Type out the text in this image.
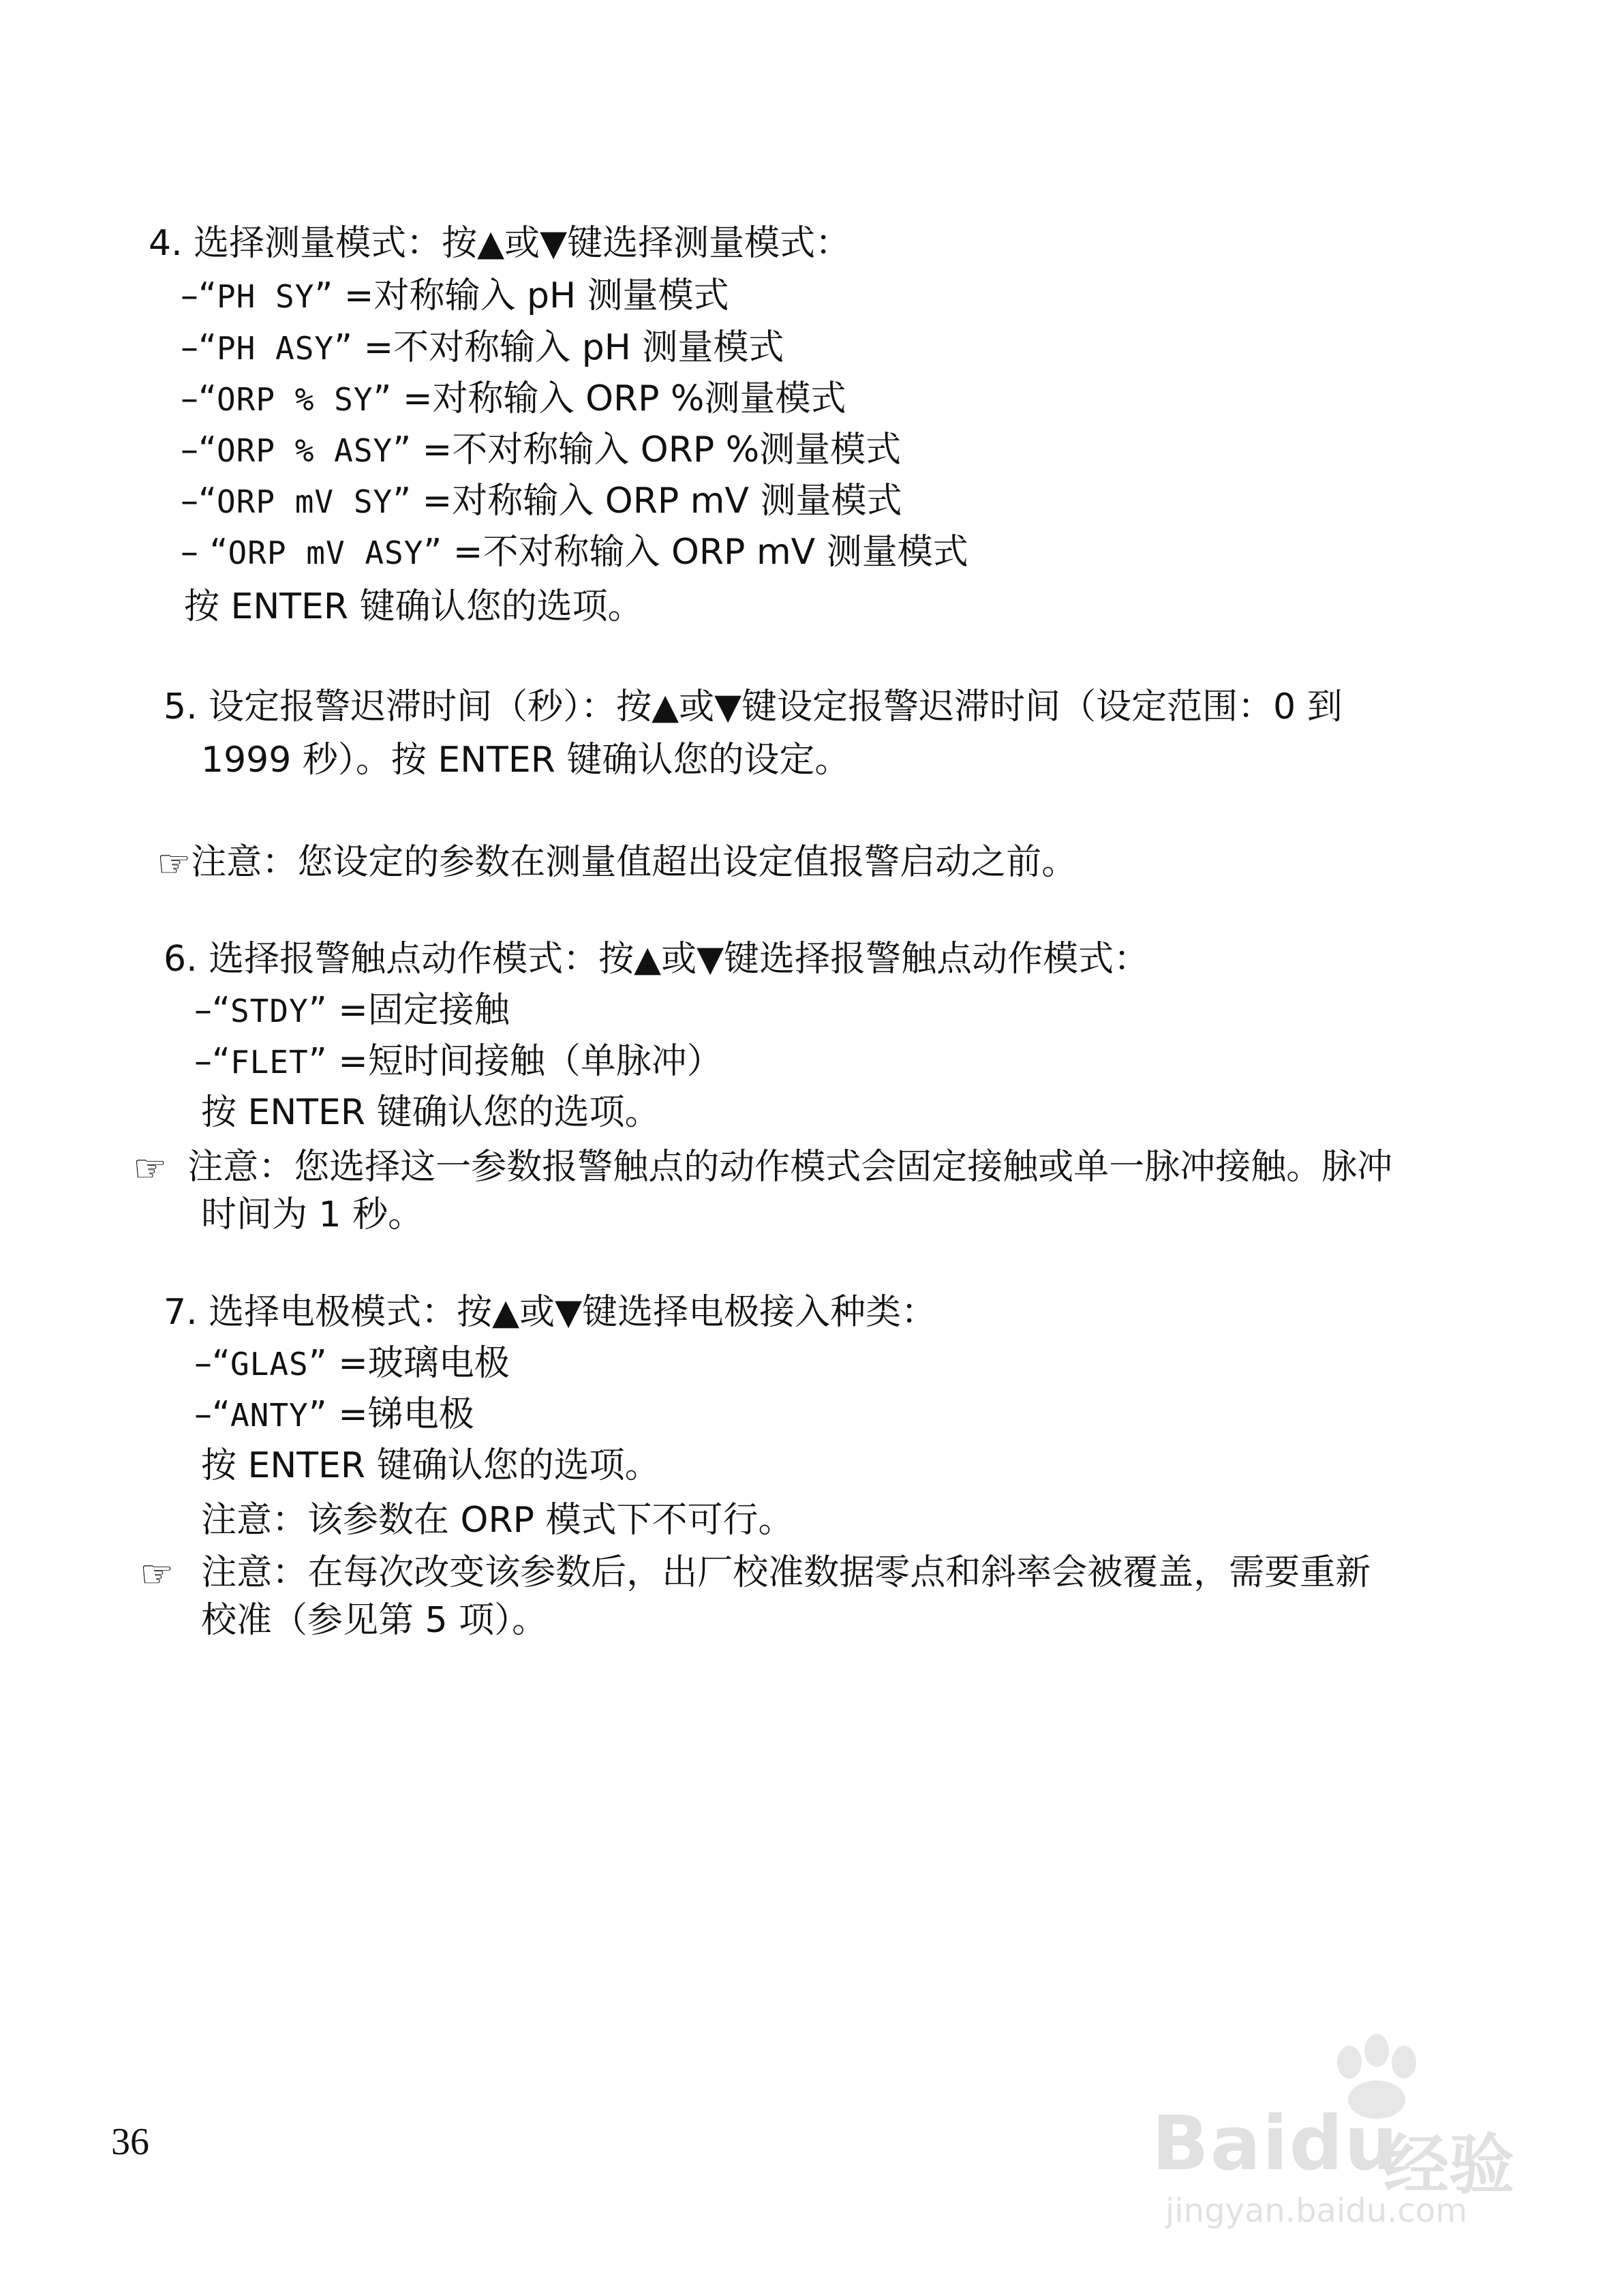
4. 选择测量模式：按▲或▼键选择测量模式：
–“PH SY” =对称输入 pH 测量模式
–“PH ASY” =不对称输入 pH 测量模式
–“ORP % SY” =对称输入 ORP %测量模式
–“ORP % ASY” =不对称输入 ORP %测量模式
–“ORP mV SY” =对称输入 ORP mV 测量模式
– “ORP mV ASY” =不对称输入 ORP mV 测量模式
按 ENTER 键确认您的选项。
5. 设定报警迟滞时间（秒）：按▲或▼键设定报警迟滞时间（设定范围：0 到
1999 秒）。按 ENTER 键确认您的设定。
☞注意：您设定的参数在测量值超出设定值报警启动之前。
6. 选择报警触点动作模式：按▲或▼键选择报警触点动作模式：
–“STDY” =固定接触
–“FLET” =短时间接触（单脉冲）
按 ENTER 键确认您的选项。
☞ 注意：您选择这一参数报警触点的动作模式会固定接触或单一脉冲接触。脉冲
时间为 1 秒。
7. 选择电极模式：按▲或▼键选择电极接入种类：
–“GLAS” =玻璃电极
–“ANTY” =锑电极
按 ENTER 键确认您的选项。
注意：该参数在 ORP 模式下不可行。
☞ 注意：在每次改变该参数后，出厂校准数据零点和斜率会被覆盖，需要重新
校准（参见第 5 项）。
36	Baidu
经验
jingyan.baidu.com
